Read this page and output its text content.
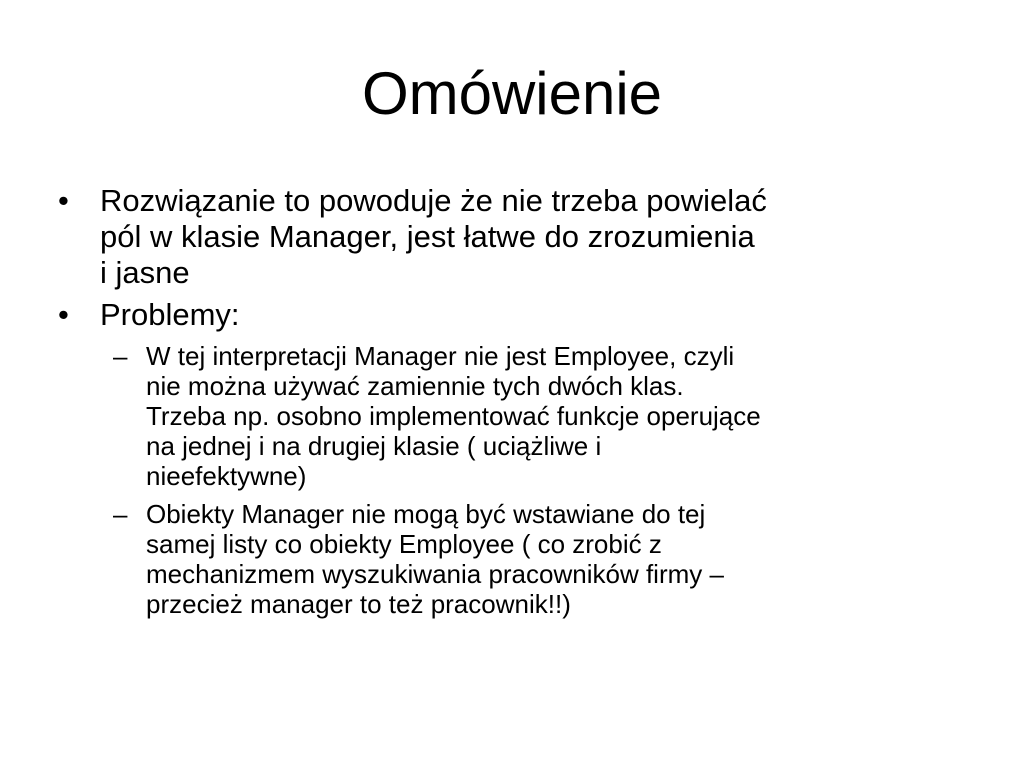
Omówienie
• Rozwiązanie to powoduje że nie trzeba powielać
pól w klasie Manager, jest łatwe do zrozumienia
i jasne
• Problemy:
– W tej interpretacji Manager nie jest Employee, czyli
nie można używać zamiennie tych dwóch klas.
Trzeba np. osobno implementować funkcje operujące
na jednej i na drugiej klasie ( uciążliwe i
nieefektywne)
– Obiekty Manager nie mogą być wstawiane do tej
samej listy co obiekty Employee ( co zrobić z
mechanizmem wyszukiwania pracowników firmy –
przecież manager to też pracownik!!)
